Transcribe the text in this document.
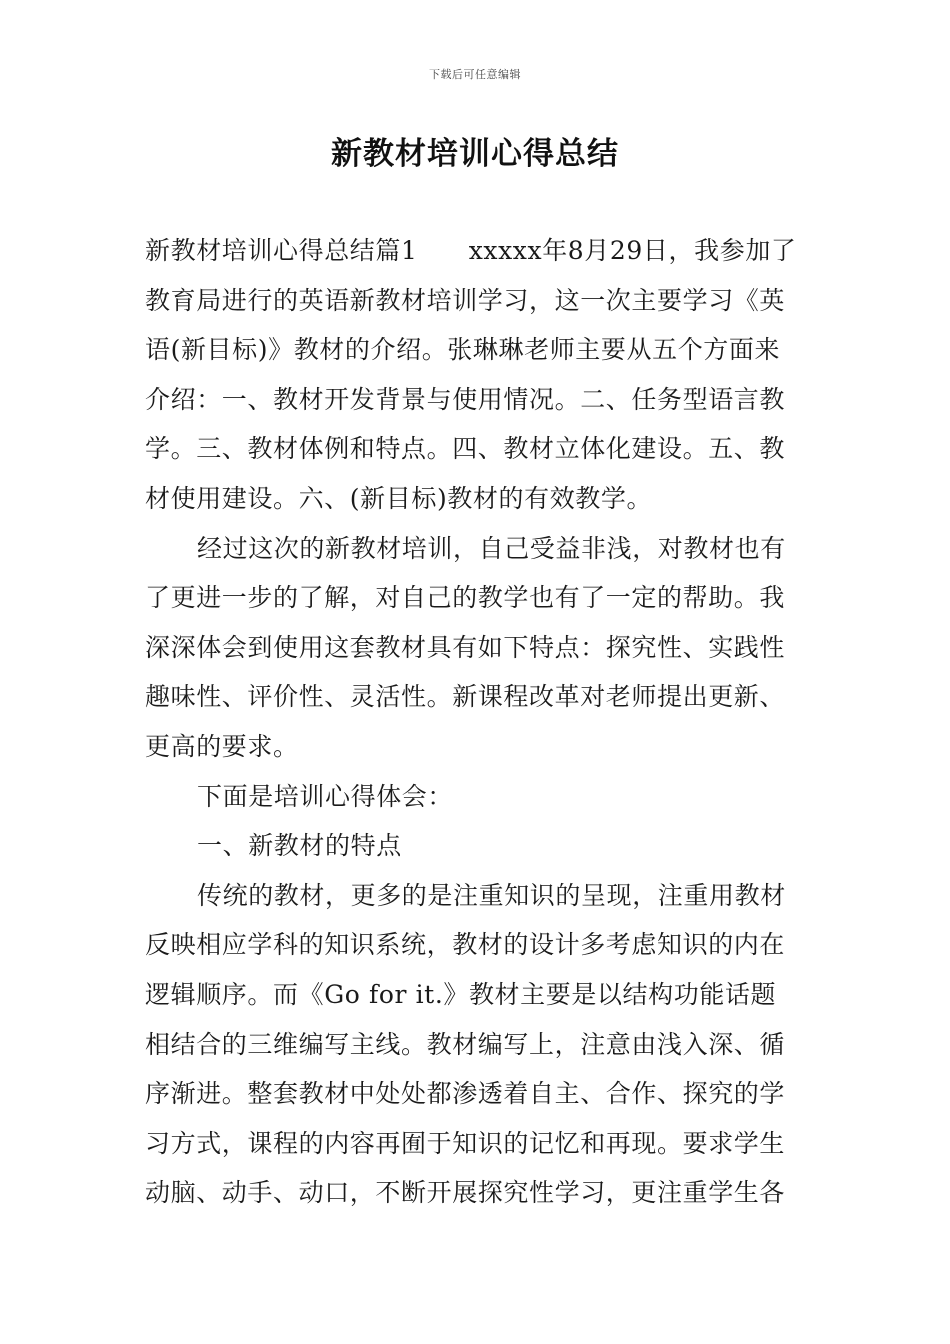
下载后可任意编辑
新教材培训心得总结
新教材培训心得总结篇1　　xxxxx年8月29日，我参加了
教育局进行的英语新教材培训学习，这一次主要学习《英
语(新目标)》教材的介绍。张琳琳老师主要从五个方面来
介绍：一、教材开发背景与使用情况。二、任务型语言教
学。三、教材体例和特点。四、教材立体化建设。五、教
材使用建设。六、(新目标)教材的有效教学。
经过这次的新教材培训，自己受益非浅，对教材也有
了更进一步的了解，对自己的教学也有了一定的帮助。我
深深体会到使用这套教材具有如下特点：探究性、实践性
趣味性、评价性、灵活性。新课程改革对老师提出更新、
更高的要求。
下面是培训心得体会：
一、新教材的特点
传统的教材，更多的是注重知识的呈现，注重用教材
反映相应学科的知识系统，教材的设计多考虑知识的内在
逻辑顺序。而《Go for it.》教材主要是以结构功能话题
相结合的三维编写主线。教材编写上，注意由浅入深、循
序渐进。整套教材中处处都渗透着自主、合作、探究的学
习方式，课程的内容再囿于知识的记忆和再现。要求学生
动脑、动手、动口，不断开展探究性学习，更注重学生各
